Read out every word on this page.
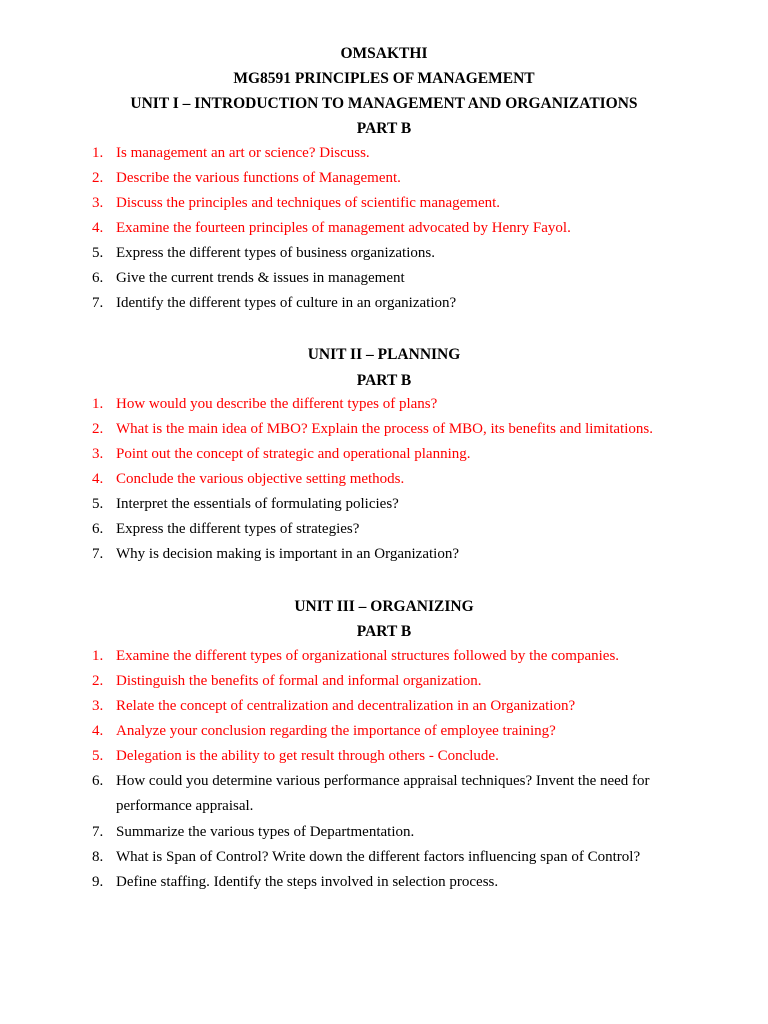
OMSAKTHI
MG8591 PRINCIPLES OF MANAGEMENT
UNIT I – INTRODUCTION TO MANAGEMENT AND ORGANIZATIONS
PART B
1. Is management an art or science? Discuss.
2. Describe the various functions of Management.
3. Discuss the principles and techniques of scientific management.
4. Examine the fourteen principles of management advocated by Henry Fayol.
5. Express the different types of business organizations.
6. Give the current trends & issues in management
7. Identify the different types of culture in an organization?
UNIT II – PLANNING
PART B
1. How would you describe the different types of plans?
2. What is the main idea of MBO? Explain the process of MBO, its benefits and limitations.
3. Point out the concept of strategic and operational planning.
4. Conclude the various objective setting methods.
5. Interpret the essentials of formulating policies?
6. Express the different types of strategies?
7. Why is decision making is important in an Organization?
UNIT III – ORGANIZING
PART B
1. Examine the different types of organizational structures followed by the companies.
2. Distinguish the benefits of formal and informal organization.
3. Relate the concept of centralization and decentralization in an Organization?
4. Analyze your conclusion regarding the importance of employee training?
5. Delegation is the ability to get result through others - Conclude.
6. How could you determine various performance appraisal techniques? Invent the need for performance appraisal.
7. Summarize the various types of Departmentation.
8. What is Span of Control? Write down the different factors influencing span of Control?
9. Define staffing. Identify the steps involved in selection process.
